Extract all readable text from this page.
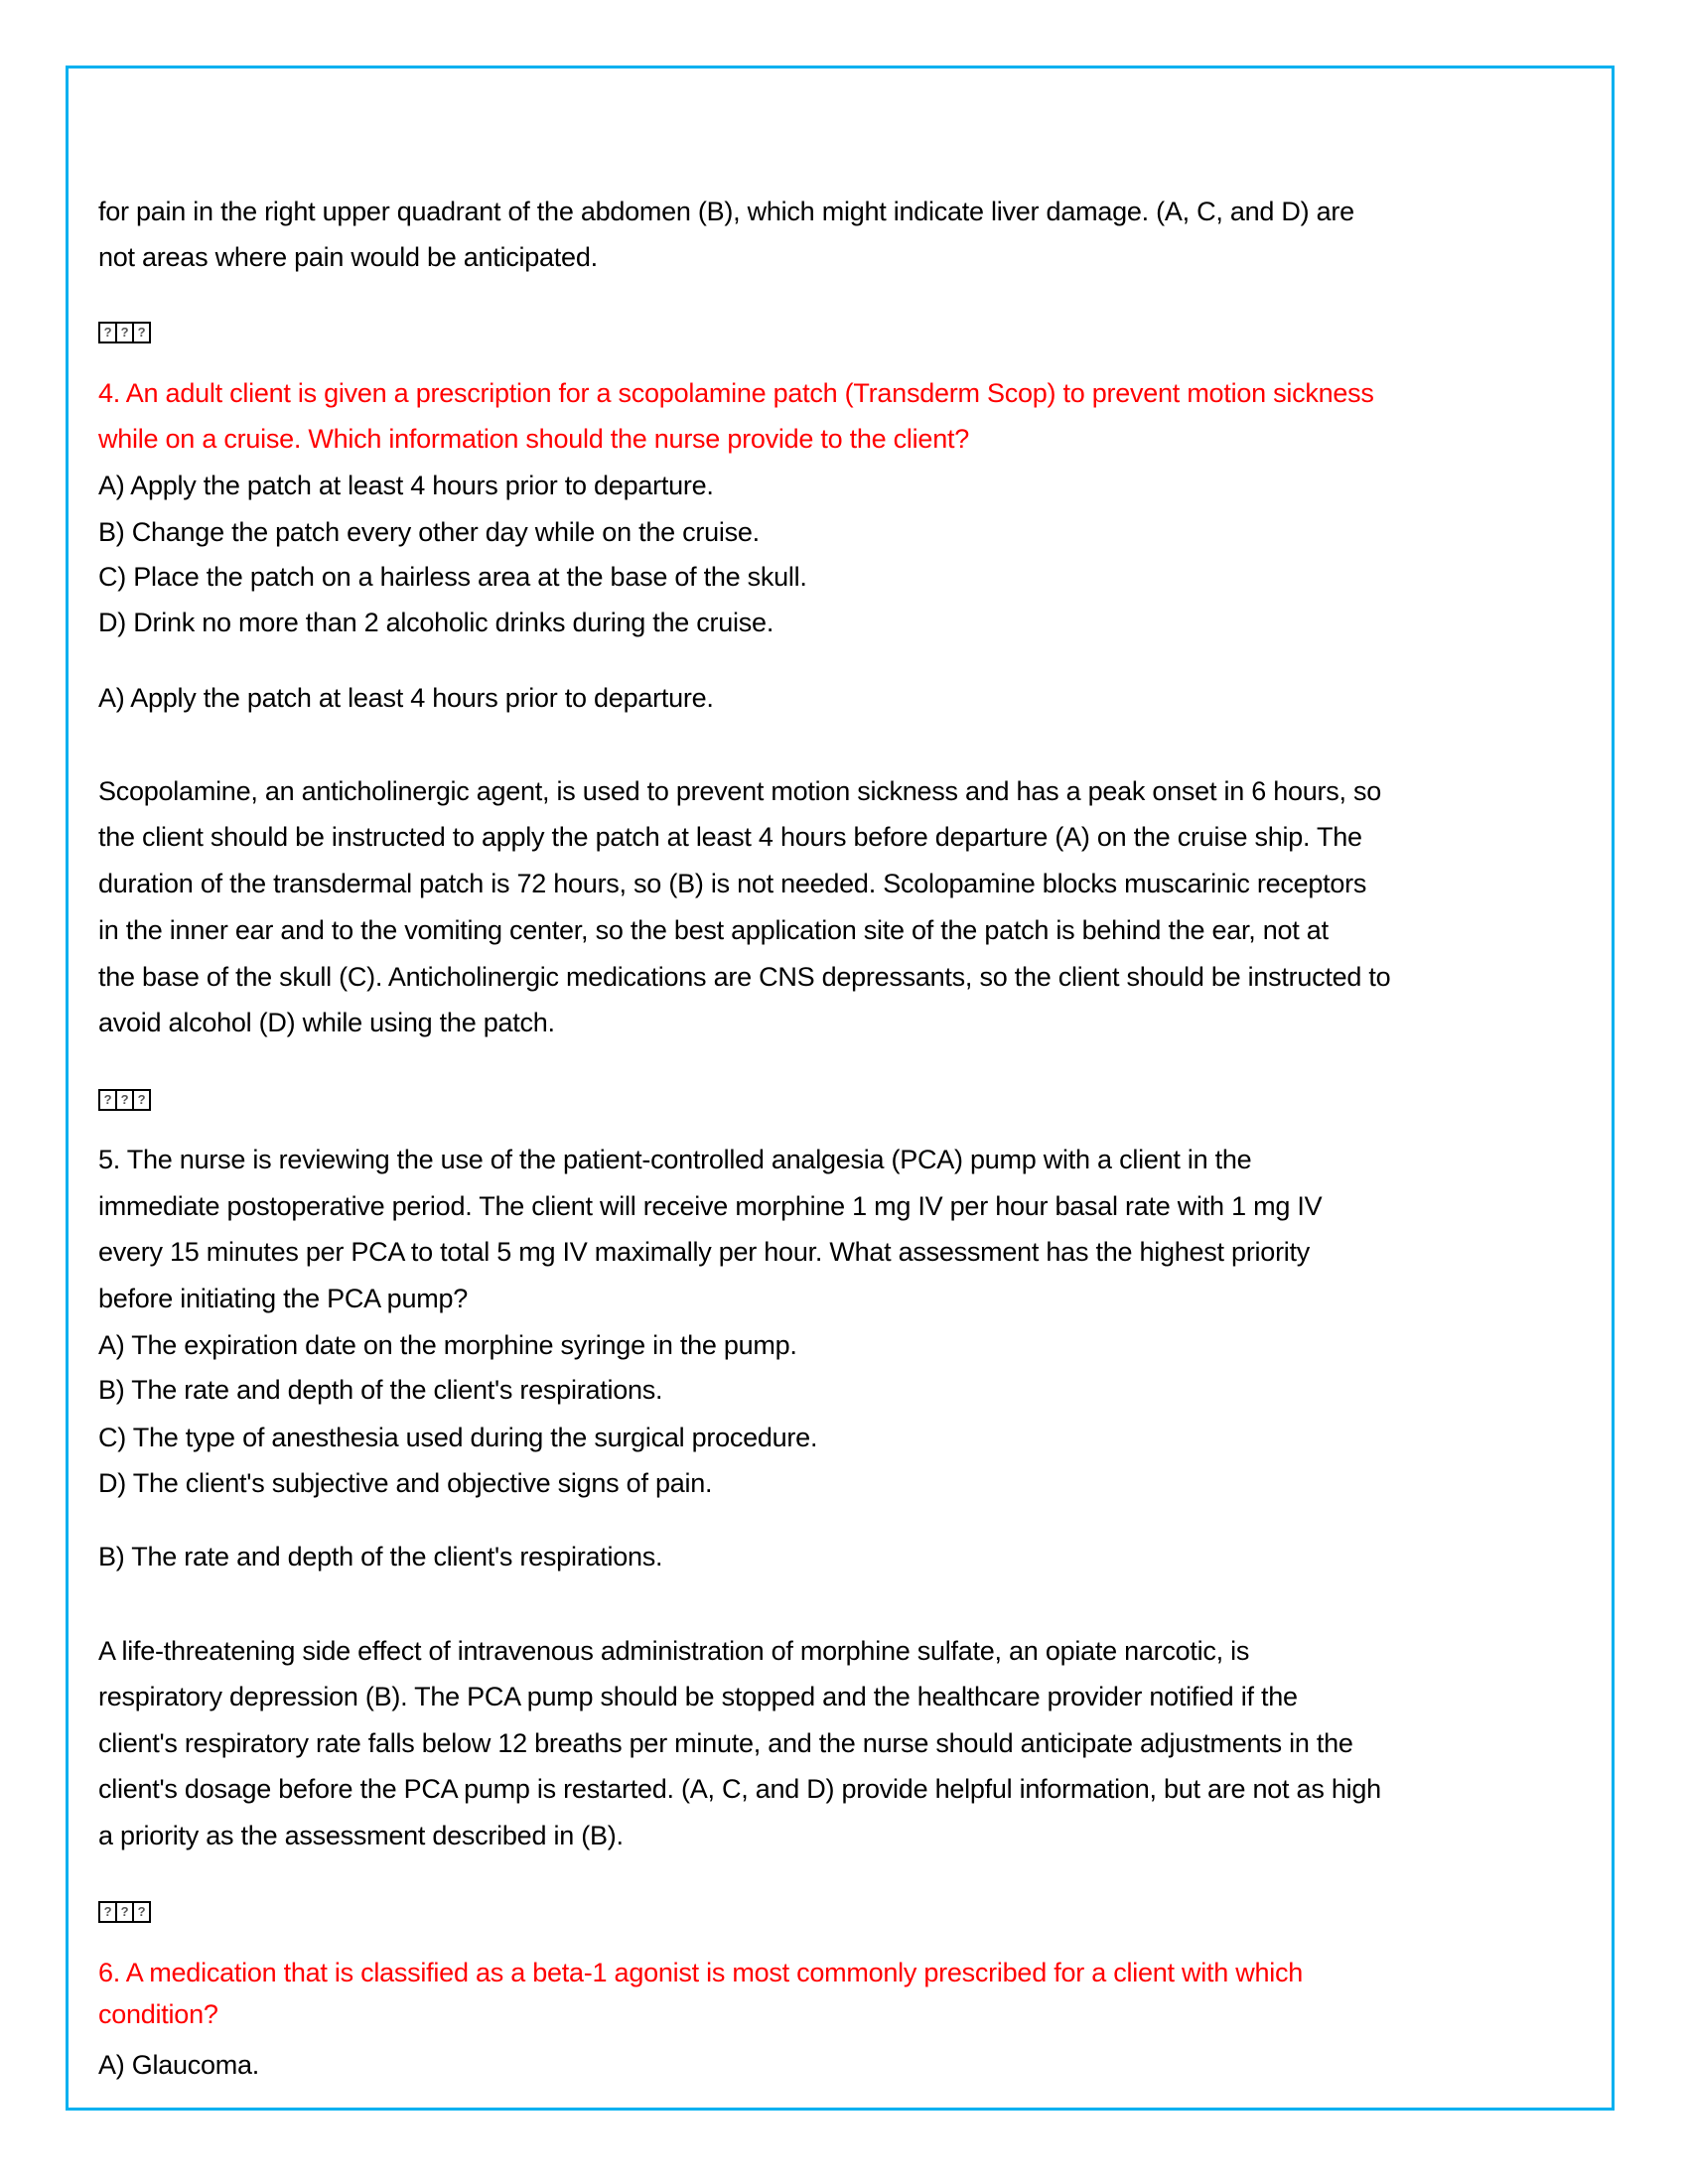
for pain in the right upper quadrant of the abdomen (B), which might indicate liver damage. (A, C, and D) are
not areas where pain would be anticipated.
? ? ?
4. An adult client is given a prescription for a scopolamine patch (Transderm Scop) to prevent motion sickness
while on a cruise. Which information should the nurse provide to the client?
A) Apply the patch at least 4 hours prior to departure.
B) Change the patch every other day while on the cruise.
C) Place the patch on a hairless area at the base of the skull.
D) Drink no more than 2 alcoholic drinks during the cruise.
A) Apply the patch at least 4 hours prior to departure.
Scopolamine, an anticholinergic agent, is used to prevent motion sickness and has a peak onset in 6 hours, so
the client should be instructed to apply the patch at least 4 hours before departure (A) on the cruise ship. The
duration of the transdermal patch is 72 hours, so (B) is not needed. Scolopamine blocks muscarinic receptors
in the inner ear and to the vomiting center, so the best application site of the patch is behind the ear, not at
the base of the skull (C). Anticholinergic medications are CNS depressants, so the client should be instructed to
avoid alcohol (D) while using the patch.
? ? ?
5. The nurse is reviewing the use of the patient-controlled analgesia (PCA) pump with a client in the
immediate postoperative period. The client will receive morphine 1 mg IV per hour basal rate with 1 mg IV
every 15 minutes per PCA to total 5 mg IV maximally per hour. What assessment has the highest priority
before initiating the PCA pump?
A) The expiration date on the morphine syringe in the pump.
B) The rate and depth of the client's respirations.
C) The type of anesthesia used during the surgical procedure.
D) The client's subjective and objective signs of pain.
B) The rate and depth of the client's respirations.
A life-threatening side effect of intravenous administration of morphine sulfate, an opiate narcotic, is
respiratory depression (B). The PCA pump should be stopped and the healthcare provider notified if the
client's respiratory rate falls below 12 breaths per minute, and the nurse should anticipate adjustments in the
client's dosage before the PCA pump is restarted. (A, C, and D) provide helpful information, but are not as high
a priority as the assessment described in (B).
? ? ?
6. A medication that is classified as a beta-1 agonist is most commonly prescribed for a client with which
condition?
A) Glaucoma.
